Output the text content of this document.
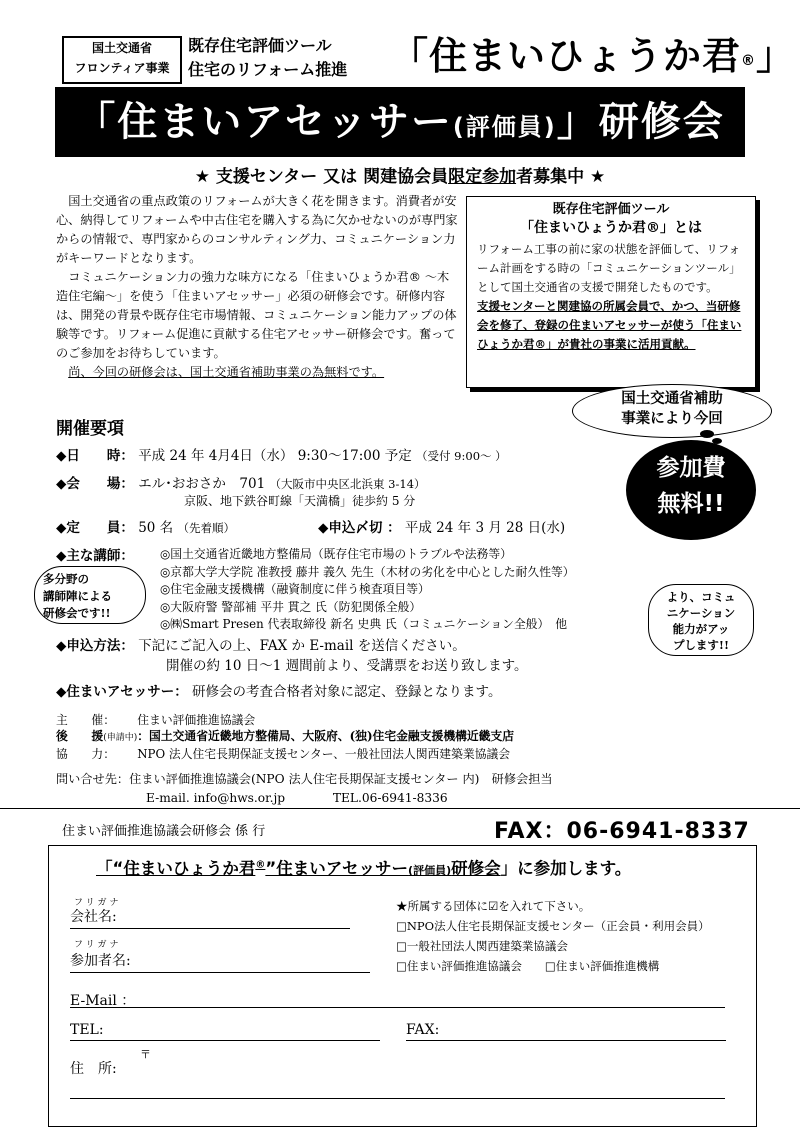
国土交通省
フロンティア事業
既存住宅評価ツール
住宅のリフォーム推進 「住まいひょうか君®」
「住まいアセッサー(評価員)」研修会
★ 支援センター 又は 関建協会員限定参加者募集中 ★

国土交通省の重点政策のリフォームが大きく花を開きます。消費者が安心、納得してリフォームや中古住宅を購入する為に欠かせないのが専門家からの情報で、専門家からのコンサルティング力、コミュニケーション力がキーワードとなります。

コミュニケーション力の強力な味方になる「住まいひょうか君® ～木造住宅編～」を使う「住まいアセッサー」必須の研修会です。研修内容は、開発の背景や既存住宅市場情報、コミュニケーション能力アップの体験等です。リフォーム促進に貢献する住宅アセッサー研修会です。奮ってのご参加をお待ちしています。

尚、今回の研修会は、国土交通省補助事業の為無料です。

既存住宅評価ツール
「住まいひょうか君®」とは
リフォーム工事の前に家の状態を評価して、リフォーム計画をする時の「コミュニケーションツール」として国土交通省の支援で開発したものです。
支援センターと関建協の所属会員で、かつ、当研修会を修了、登録の住まいアセッサーが使う「住まいひょうか君®」が貴社の事業に活用貢献。
国土交通省補助
事業により今回
参加費
無料!!
開催要項
◆日　　時： 平成 24 年 4月4日（水） 9:30～17:00 予定 （受付 9:00～ ）
◆会　　場： エル･おおさか　701 （大阪市中央区北浜東 3-14）
京阪、地下鉄谷町線「天満橋」徒歩約 5 分
◆定　　員： 50 名 （先着順）	◆申込〆切 ： 平成 24 年 3 月 28 日(水)
◆主な講師： ◎国土交通省近畿地方整備局（既存住宅市場のトラブルや法務等）
◎京都大学大学院 准教授 藤井 義久 先生（木材の劣化を中心とした耐久性等）
◎住宅金融支援機構（融資制度に伴う検査項目等）
◎大阪府警 警部補 平井 貫之 氏（防犯関係全般）
◎㈱Smart Presen 代表取締役 新名 史典 氏（コミュニケーション全般）　他
多分野の
講師陣による
研修会です!!
より、コミュ
ニケーション
能力がアッ
プします!!
◆申込方法： 下記にご記入の上、FAX か E-mail を送信ください。
開催の約 10 日～1 週間前より、受講票をお送り致します。
◆住まいアセッサー： 研修会の考査合格者対象に認定、登録となります。
主　　催：	住まい評価推進協議会
後　　援(申請中)	：国土交通省近畿地方整備局、大阪府、(独)住宅金融支援機構近畿支店
協　　力：	NPO 法人住宅長期保証支援センター、一般社団法人関西建築業協議会
問い合せ先：住まい評価推進協議会(NPO 法人住宅長期保証支援センター 内)　研修会担当
E-mail. info@hws.or.jp	TEL.06-6941-8336
住まい評価推進協議会研修会 係 行	FAX：06-6941-8337
「“住まいひょうか君®”住まいアセッサー(評価員)研修会」に参加します。
フリガナ
会社名:
フリガナ
参加者名:
★所属する団体に☑を入れて下さい。
□NPO法人住宅長期保証支援センター（正会員・利用会員）
□一般社団法人関西建築業協議会
□住まい評価推進協議会　　□住まい評価推進機構
E-Mail ：
TEL:	FAX:
住　所:
〒
